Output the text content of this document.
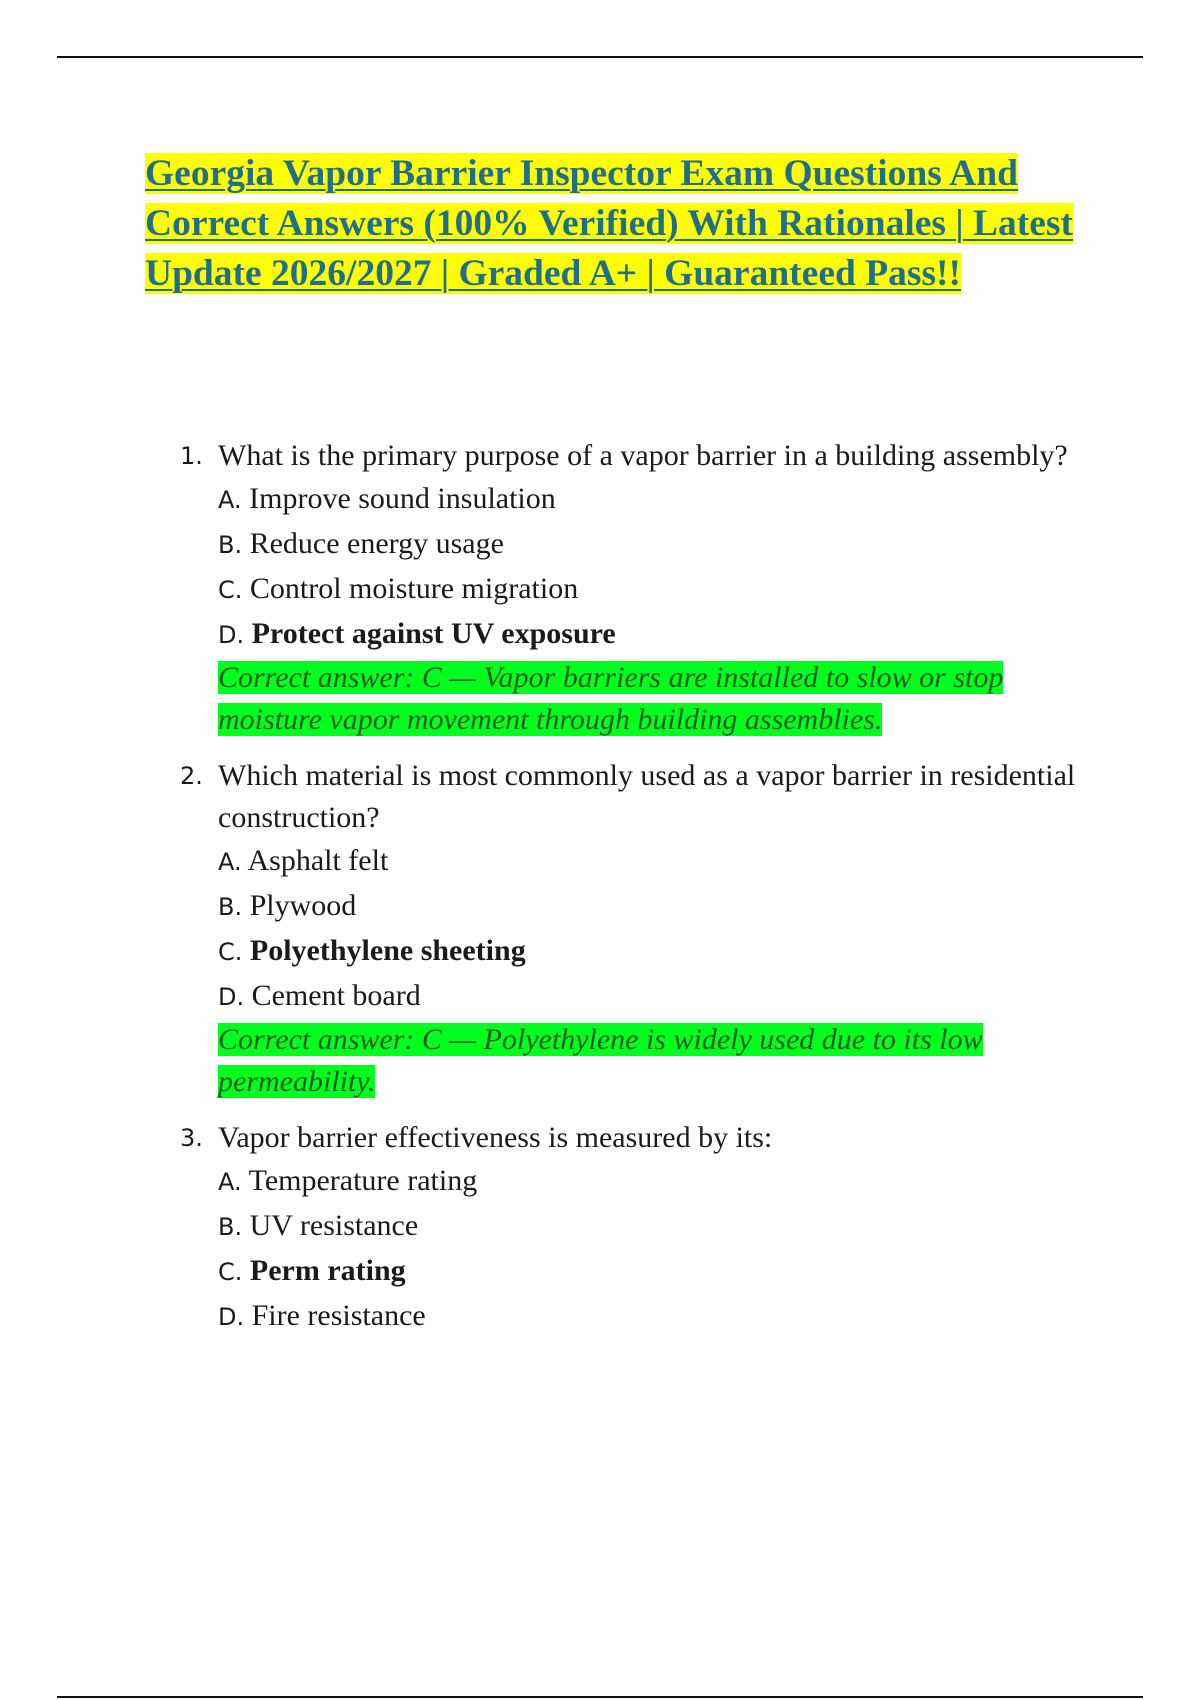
Georgia Vapor Barrier Inspector Exam Questions And Correct Answers (100% Verified) With Rationales | Latest Update 2026/2027 | Graded A+ | Guaranteed Pass!!
1. What is the primary purpose of a vapor barrier in a building assembly?
A. Improve sound insulation
B. Reduce energy usage
C. Control moisture migration
D. Protect against UV exposure
Correct answer: C — Vapor barriers are installed to slow or stop moisture vapor movement through building assemblies.
2. Which material is most commonly used as a vapor barrier in residential construction?
A. Asphalt felt
B. Plywood
C. Polyethylene sheeting
D. Cement board
Correct answer: C — Polyethylene is widely used due to its low permeability.
3. Vapor barrier effectiveness is measured by its:
A. Temperature rating
B. UV resistance
C. Perm rating
D. Fire resistance
